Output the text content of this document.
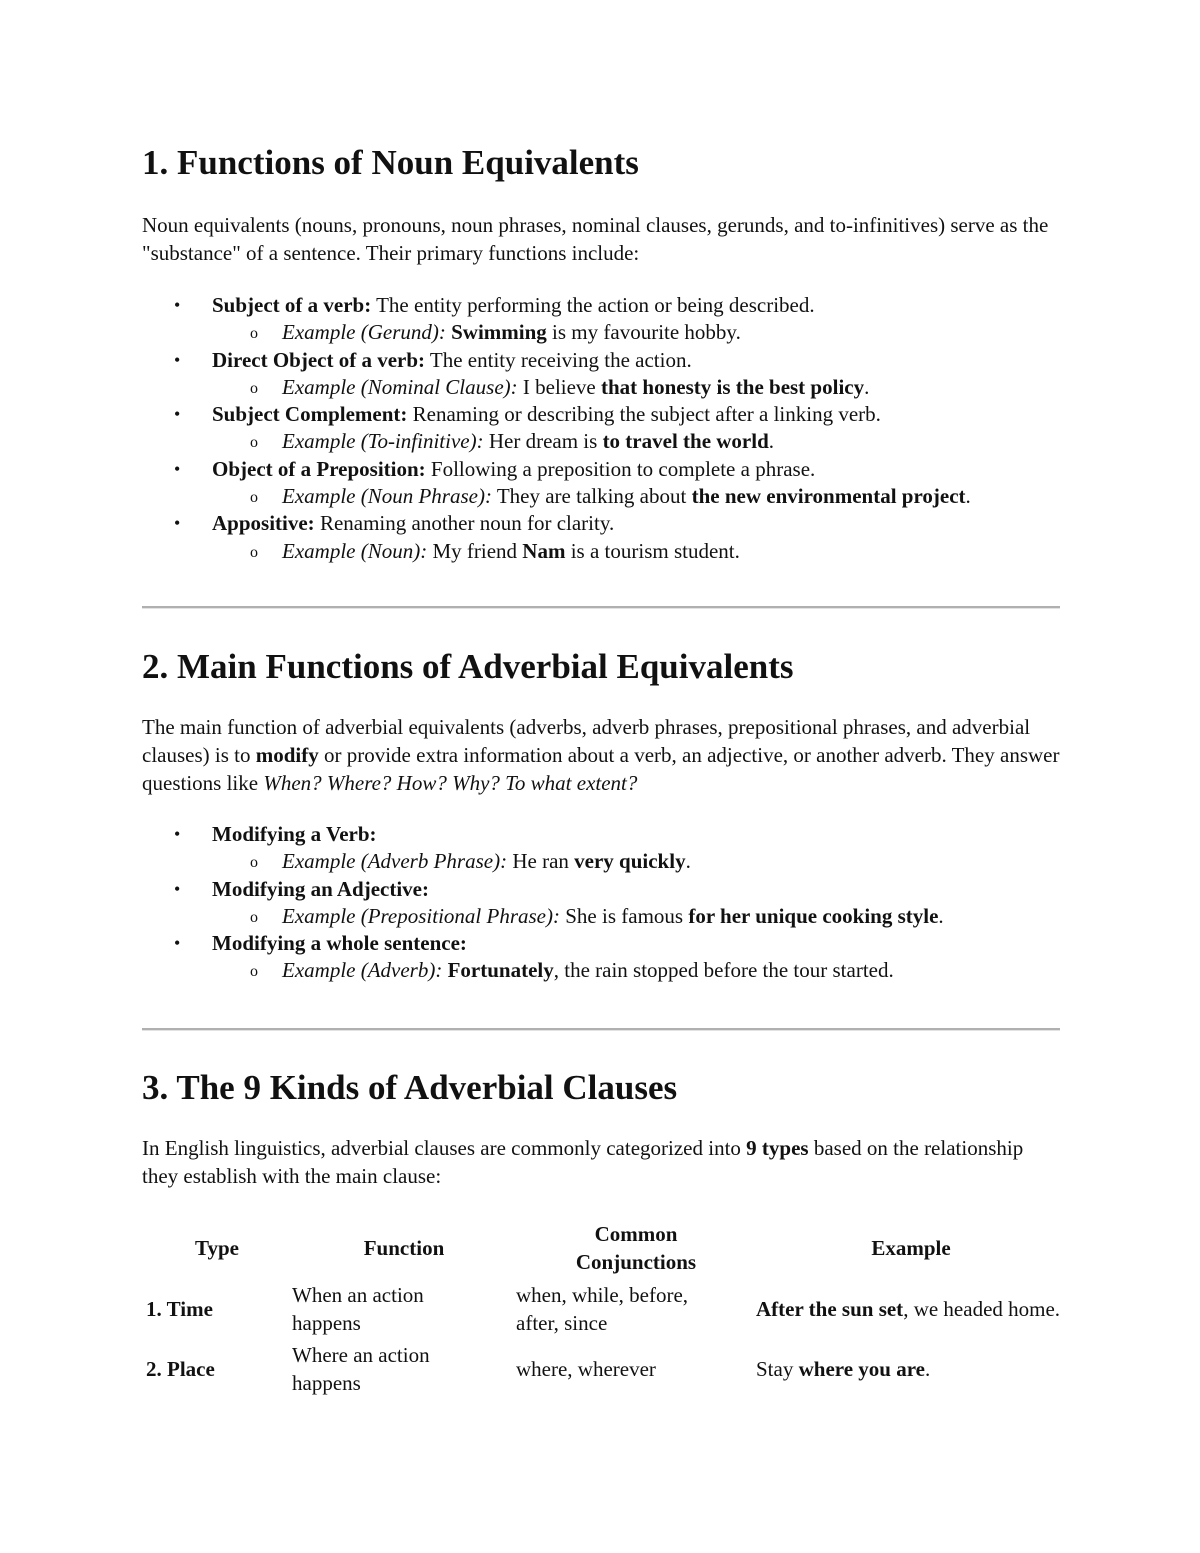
1. Functions of Noun Equivalents

Noun equivalents (nouns, pronouns, noun phrases, nominal clauses, gerunds, and to-infinitives) serve as the "substance" of a sentence. Their primary functions include:

• Subject of a verb: The entity performing the action or being described.
o Example (Gerund): Swimming is my favourite hobby.
• Direct Object of a verb: The entity receiving the action.
o Example (Nominal Clause): I believe that honesty is the best policy.
• Subject Complement: Renaming or describing the subject after a linking verb.
o Example (To-infinitive): Her dream is to travel the world.
• Object of a Preposition: Following a preposition to complete a phrase.
o Example (Noun Phrase): They are talking about the new environmental project.
• Appositive: Renaming another noun for clarity.
o Example (Noun): My friend Nam is a tourism student.
2. Main Functions of Adverbial Equivalents

The main function of adverbial equivalents (adverbs, adverb phrases, prepositional phrases, and adverbial clauses) is to modify or provide extra information about a verb, an adjective, or another adverb. They answer questions like When? Where? How? Why? To what extent?

• Modifying a Verb:
o Example (Adverb Phrase): He ran very quickly.
• Modifying an Adjective:
o Example (Prepositional Phrase): She is famous for her unique cooking style.
• Modifying a whole sentence:
o Example (Adverb): Fortunately, the rain stopped before the tour started.
3. The 9 Kinds of Adverbial Clauses

In English linguistics, adverbial clauses are commonly categorized into 9 types based on the relationship they establish with the main clause:

Type	Function	Common Conjunctions	Example
1. Time	When an action happens	when, while, before, after, since	After the sun set, we headed home.
2. Place	Where an action happens	where, wherever	Stay where you are.
